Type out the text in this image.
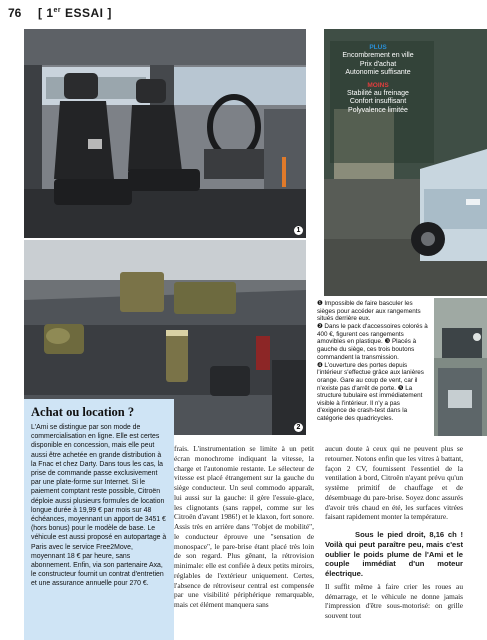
76 [ 1er ESSAI ]
1
PLUS
Encombrement en ville
Prix d'achat
Autonomie suffisante
MOINS
Stabilité au freinage
Confort insuffisant
Polyvalence limitée
2

❶ Impossible de faire basculer les sièges pour accéder aux rangements situés derrière eux.

❷ Dans le pack d'accessoires colorés à 400 €, figurent ces rangements amovibles en plastique. ❸ Placés à gauche du siège, ces trois boutons commandent la transmission.

❹ L'ouverture des portes depuis l'intérieur s'effectue grâce aux lanières orange. Gare au coup de vent, car il n'existe pas d'arrêt de porte. ❺ La structure tubulaire est immédiatement visible à l'intérieur. Il n'y a pas d'exigence de crash-test dans la catégorie des quadricycles.

Achat ou location ?

L'Ami se distingue par son mode de commercialisation en ligne. Elle est certes disponible en concession, mais elle peut aussi être achetée en grande distribution à la Fnac et chez Darty. Dans tous les cas, la prise de commande passe exclusivement par une plate-forme sur Internet. Si le paiement comptant reste possible, Citroën déploie aussi plusieurs formules de location longue durée à 19,99 € par mois sur 48 échéances, moyennant un apport de 3451 € (hors bonus) pour le modèle de base. Le véhicule est aussi proposé en autopartage à Paris avec le service Free2Move, moyennant 18 € par heure, sans abonnement. Enfin, via son partenaire Axa, le constructeur fournit un contrat d'entretien et une assurance annuelle pour 270 €.

frais. L'instrumentation se limite à un petit écran monochrome indiquant la vitesse, la charge et l'autonomie restante. Le sélecteur de vitesse est placé étrangement sur la gauche du siège conducteur. Un seul commodo apparaît, lui aussi sur la gauche: il gère l'essuie-glace, les clignotants (sans rappel, comme sur les Citroën d'avant 1986!) et le klaxon, fort sonore. Assis très en arrière dans "l'objet de mobilité", le conducteur éprouve une "sensation de monospace", le pare-brise étant placé très loin de son regard. Plus gênant, la rétrovision minimale: elle est confiée à deux petits miroirs, réglables de l'extérieur uniquement. Certes, l'absence de rétroviseur central est compensée par une visibilité périphérique remarquable, mais cet élément manquera sans

aucun doute à ceux qui ne peuvent plus se retourner. Notons enfin que les vitres à battant, façon 2 CV, fournissent l'essentiel de la ventilation à bord, Citroën n'ayant prévu qu'un système primitif de chauffage et de désembuage du pare-brise. Soyez donc assurés d'avoir très chaud en été, les surfaces vitrées faisant rapidement monter la température.

Sous le pied droit, 8,16 ch ! Voilà qui peut paraître peu, mais c'est oublier le poids plume de l'Ami et le couple immédiat d'un moteur électrique.

Il suffit même à faire crier les roues au démarrage, et le véhicule ne donne jamais l'impression d'être sous-motorisé: on grille souvent tout
